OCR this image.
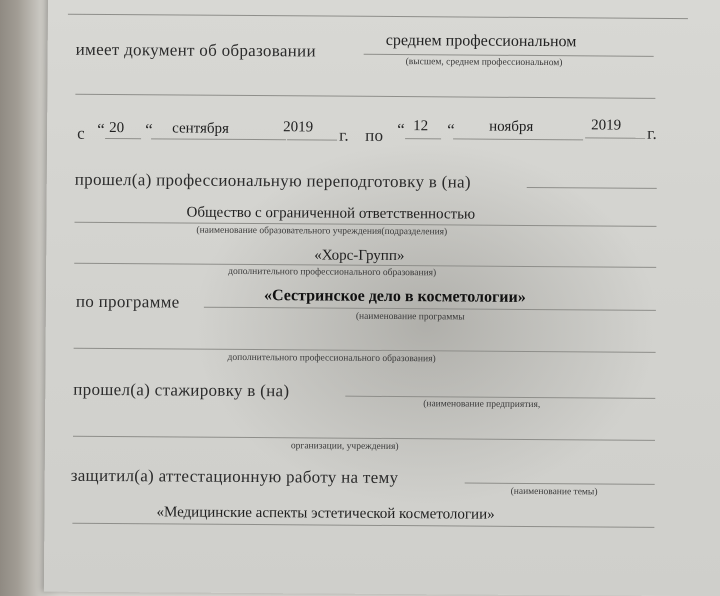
имеет документ об образовании	среднем профессиональном
(высшем, среднем профессиональном)
с “ 20 “ сентября	2019 г. по “ 12 “ ноября	2019 г.
прошел(а) профессиональную переподготовку в (на)
Общество с ограниченной ответственностью
(наименование образовательного учреждения(подразделения)
«Хорс-Групп»
дополнительного профессионального образования)
по программе	«Сестринское дело в косметологии»
(наименование программы
дополнительного профессионального образования)
прошел(а) стажировку в (на)
(наименование предприятия,
организации, учреждения)
защитил(а) аттестационную работу на тему
(наименование темы)
«Медицинские аспекты эстетической косметологии»
